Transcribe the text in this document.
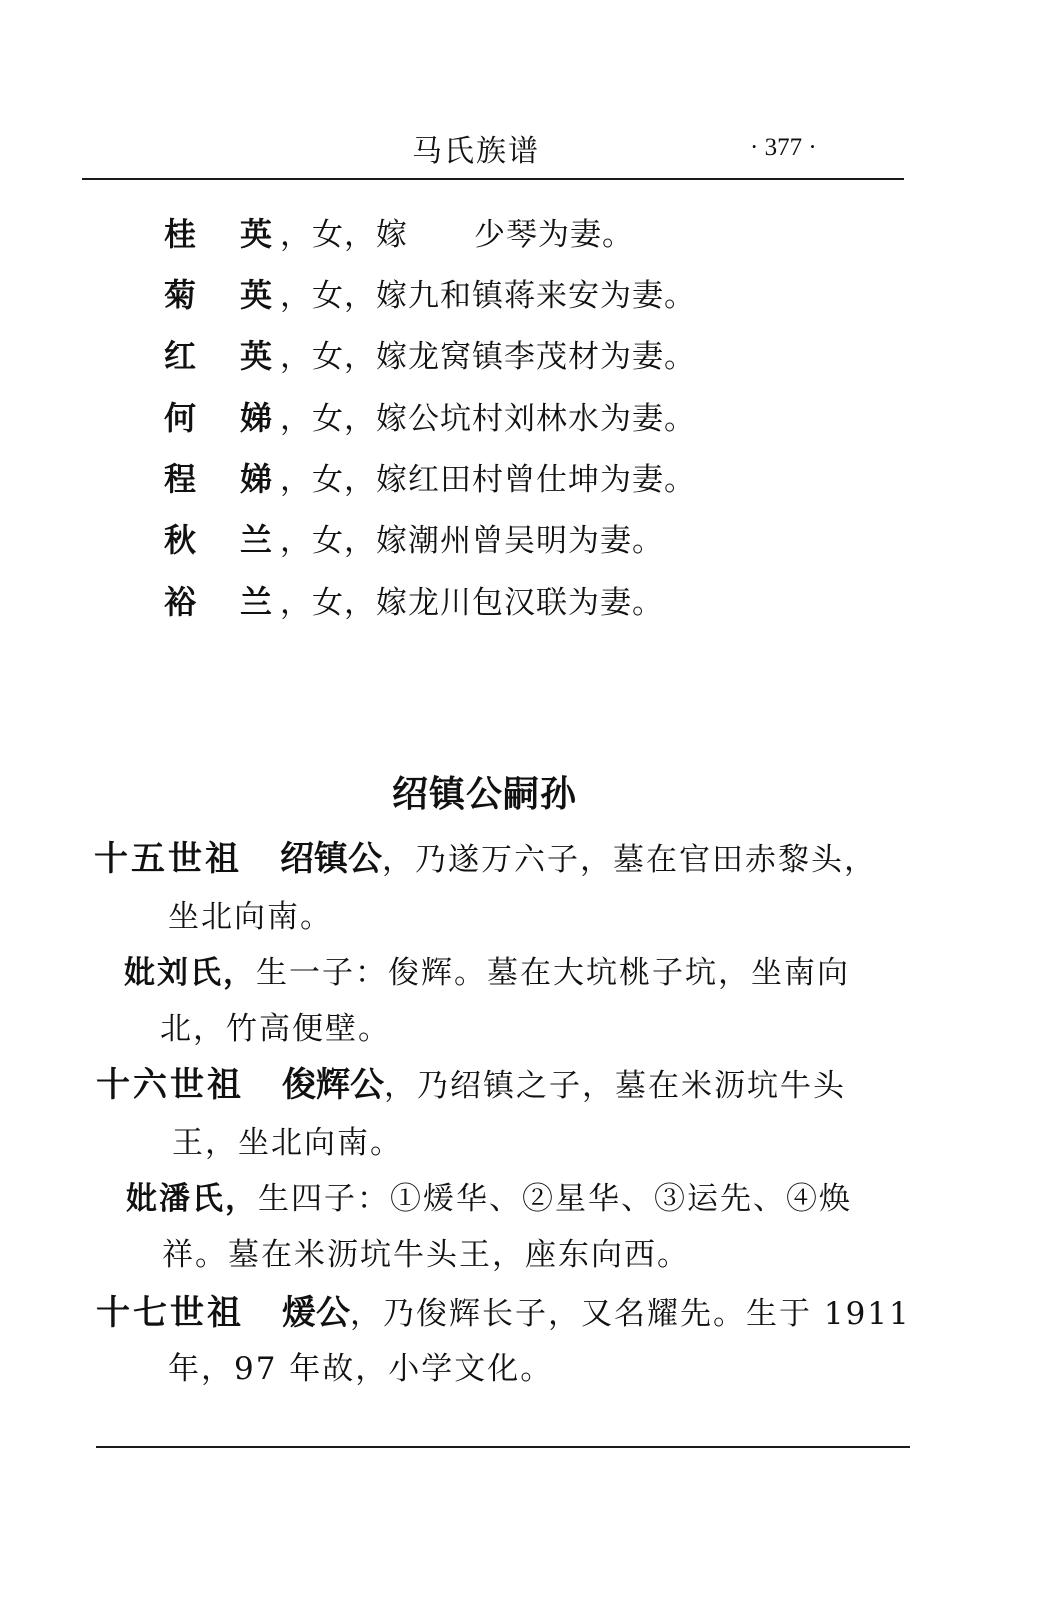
马氏族谱	· 377 ·
桂 英 ，女，嫁 少琴为妻。
菊 英 ，女，嫁九和镇蒋来安为妻。
红 英 ，女，嫁龙窝镇李茂材为妻。
何 娣 ，女，嫁公坑村刘林水为妻。
程 娣 ，女，嫁红田村曾仕坤为妻。
秋 兰 ，女，嫁潮州曾吴明为妻。
裕 兰 ，女，嫁龙川包汉联为妻。
绍镇公嗣孙
十五世祖 绍镇公，乃遂万六子，墓在官田赤黎头，
坐北向南。
妣刘氏，生一子：俊辉。墓在大坑桃子坑，坐南向
北，竹高便壁。
十六世祖 俊辉公，乃绍镇之子，墓在米沥坑牛头
王，坐北向南。
妣潘氏，生四子：①煖华、②星华、③运先、④焕
祥。墓在米沥坑牛头王，座东向西。
十七世祖 煖公，乃俊辉长子，又名耀先。生于 1911
年，97 年故，小学文化。
